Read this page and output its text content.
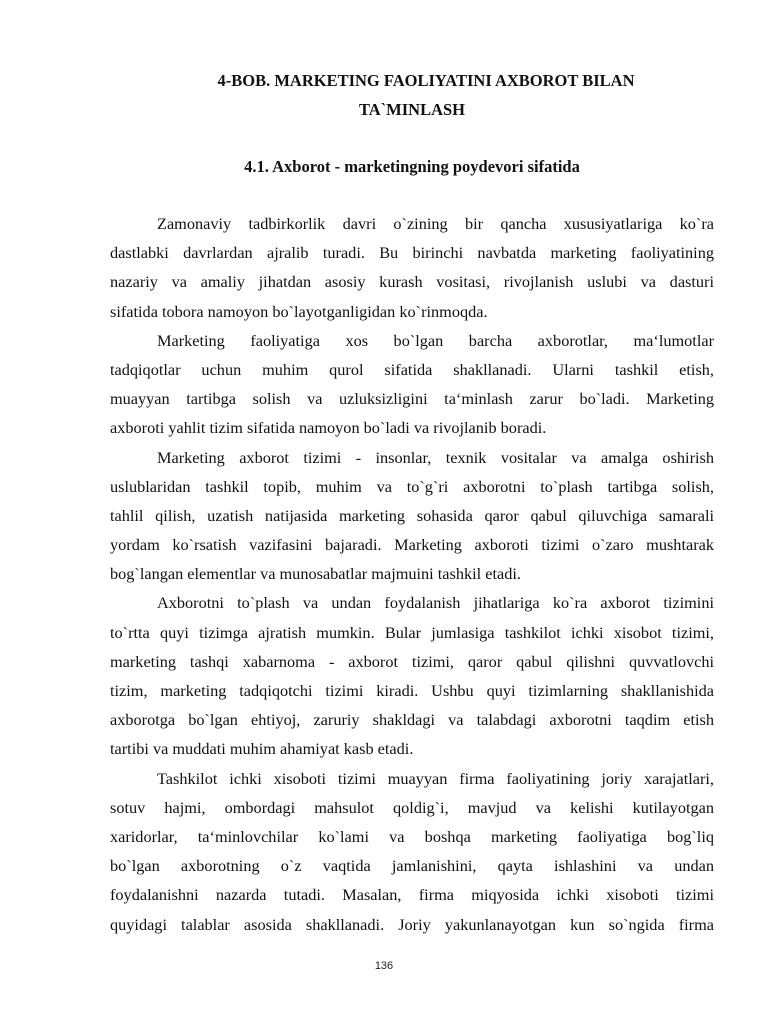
4-BOB. MARKETING FAOLIYATINI AXBOROT BILAN
TA`MINLASH
4.1. Axborot - marketingning poydevori sifatida
Zamonaviy tadbirkorlik davri o`zining bir qancha xususiyatlariga ko`ra
dastlabki davrlardan ajralib turadi. Bu birinchi navbatda marketing faoliyatining
nazariy va amaliy jihatdan asosiy kurash vositasi, rivojlanish uslubi va dasturi
sifatida tobora namoyon bo`layotganligidan ko`rinmoqda.
Marketing faoliyatiga xos bo`lgan barcha axborotlar, ma‘lumotlar
tadqiqotlar uchun muhim qurol sifatida shakllanadi. Ularni tashkil etish,
muayyan tartibga solish va uzluksizligini ta‘minlash zarur bo`ladi. Marketing
axboroti yahlit tizim sifatida namoyon bo`ladi va rivojlanib boradi.
Marketing axborot tizimi - insonlar, texnik vositalar va amalga oshirish
uslublaridan tashkil topib, muhim va to`g`ri axborotni to`plash tartibga solish,
tahlil qilish, uzatish natijasida marketing sohasida qaror qabul qiluvchiga samarali
yordam ko`rsatish vazifasini bajaradi. Marketing axboroti tizimi o`zaro mushtarak
bog`langan elementlar va munosabatlar majmuini tashkil etadi.
Axborotni to`plash va undan foydalanish jihatlariga ko`ra axborot tizimini
to`rtta quyi tizimga ajratish mumkin. Bular jumlasiga tashkilot ichki xisobot tizimi,
marketing tashqi xabarnoma - axborot tizimi, qaror qabul qilishni quvvatlovchi
tizim, marketing tadqiqotchi tizimi kiradi. Ushbu quyi tizimlarning shakllanishida
axborotga bo`lgan ehtiyoj, zaruriy shakldagi va talabdagi axborotni taqdim etish
tartibi va muddati muhim ahamiyat kasb etadi.
Tashkilot ichki xisoboti tizimi muayyan firma faoliyatining joriy xarajatlari,
sotuv hajmi, ombordagi mahsulot qoldig`i, mavjud va kelishi kutilayotgan
xaridorlar, ta‘minlovchilar ko`lami va boshqa marketing faoliyatiga bog`liq
bo`lgan axborotning o`z vaqtida jamlanishini, qayta ishlashini va undan
foydalanishni nazarda tutadi. Masalan, firma miqyosida ichki xisoboti tizimi
quyidagi talablar asosida shakllanadi. Joriy yakunlanayotgan kun so`ngida firma
136
